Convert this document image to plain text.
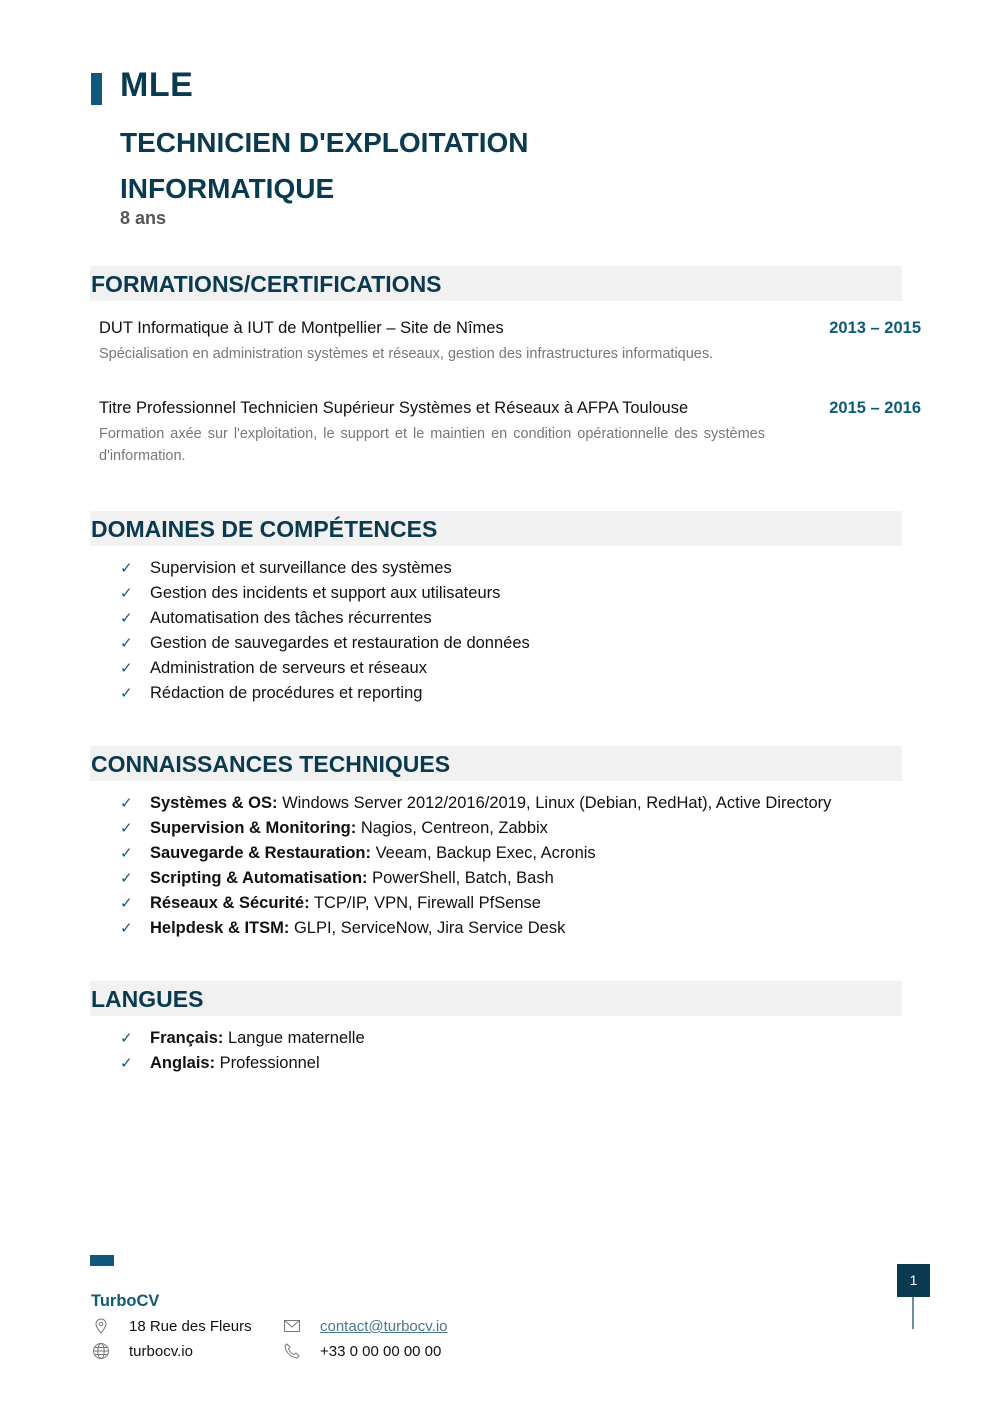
MLE
TECHNICIEN D'EXPLOITATION INFORMATIQUE
8 ans
FORMATIONS/CERTIFICATIONS
DUT Informatique à IUT de Montpellier – Site de Nîmes	2013 – 2015
Spécialisation en administration systèmes et réseaux, gestion des infrastructures informatiques.
Titre Professionnel Technicien Supérieur Systèmes et Réseaux à AFPA Toulouse	2015 – 2016
Formation axée sur l'exploitation, le support et le maintien en condition opérationnelle des systèmes d'information.
DOMAINES DE COMPÉTENCES
✓ Supervision et surveillance des systèmes
✓ Gestion des incidents et support aux utilisateurs
✓ Automatisation des tâches récurrentes
✓ Gestion de sauvegardes et restauration de données
✓ Administration de serveurs et réseaux
✓ Rédaction de procédures et reporting
CONNAISSANCES TECHNIQUES
✓ Systèmes & OS: Windows Server 2012/2016/2019, Linux (Debian, RedHat), Active Directory
✓ Supervision & Monitoring: Nagios, Centreon, Zabbix
✓ Sauvegarde & Restauration: Veeam, Backup Exec, Acronis
✓ Scripting & Automatisation: PowerShell, Batch, Bash
✓ Réseaux & Sécurité: TCP/IP, VPN, Firewall PfSense
✓ Helpdesk & ITSM: GLPI, ServiceNow, Jira Service Desk
LANGUES
✓ Français: Langue maternelle
✓ Anglais: Professionnel
TurboCV
18 Rue des Fleurs
turbocv.io
contact@turbocv.io
+33 0 00 00 00 00
1
